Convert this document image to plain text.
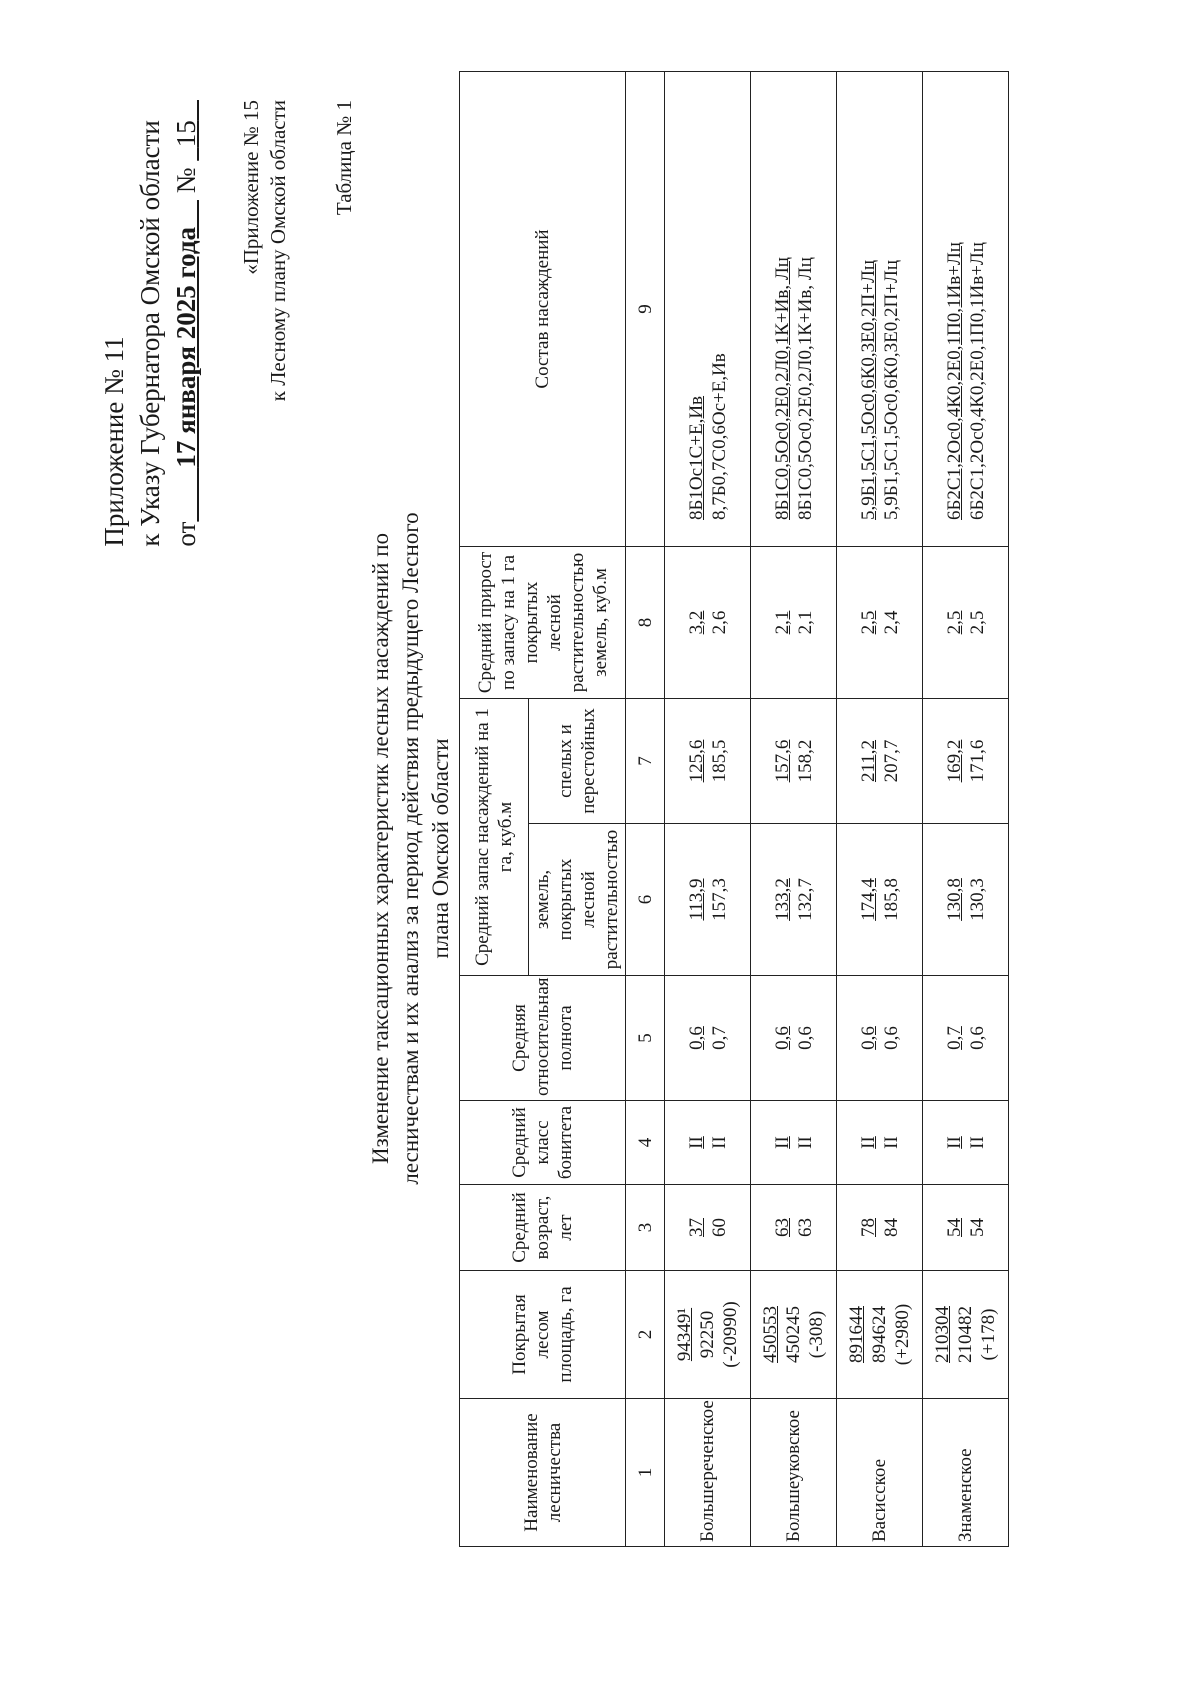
Приложение № 11 к Указу Губернатора Омской области от        17 января 2025 года     №   15 «Приложение № 15 к Лесному плану Омской области Таблица № 1
Изменение таксационных характеристик лесных насаждений по лесничествам и их анализ за период действия предыдущего Лесного плана Омской области
Наименование лесничества	Покрытая лесом площадь, га	Средний возраст, лет	Средний класс бонитета	Средняя относительная полнота	Средний запас насаждений на 1 га, куб.м		Средний прирост по запасу на 1 га покрытых лесной растительностью земель, куб.м	Состав насаждений
					земель, покрытых лесной растительностью	спелых и перестойных		
1	2	3	4	5	6	7	8	9
Большереченское	94349¹ 92250 (-20990)	37 60	II II	0,6 0,7	113,9 157,3	125,6 185,5	3,2 2,6	8Б1Ос1С+Е,Ив 8,7Б0,7С0,6Ос+Е,Ив

Большеуковское	450553 450245 (-308)	63 63	II II	0,6 0,6	133,2 132,7	157,6 158,2	2,1 2,1	8Б1С0,5Ос0,2Е0,2Л0,1К+Ив, Лц 8Б1С0,5Ос0,2Е0,2Л0,1К+Ив, Лц

Васисское	891644 894624 (+2980)	78 84	II II	0,6 0,6	174,4 185,8	211,2 207,7	2,5 2,4	5,9Б1,5С1,5Ос0,6К0,3Е0,2П+Лц 5,9Б1,5С1,5Ос0,6К0,3Е0,2П+Лц

Знаменское	210304 210482 (+178)	54 54	II II	0,7 0,6	130,8 130,3	169,2 171,6	2,5 2,5	6Б2С1,2Ос0,4К0,2Е0,1П0,1Ив+Лц 6Б2С1,2Ос0,4К0,2Е0,1П0,1Ив+Лц
